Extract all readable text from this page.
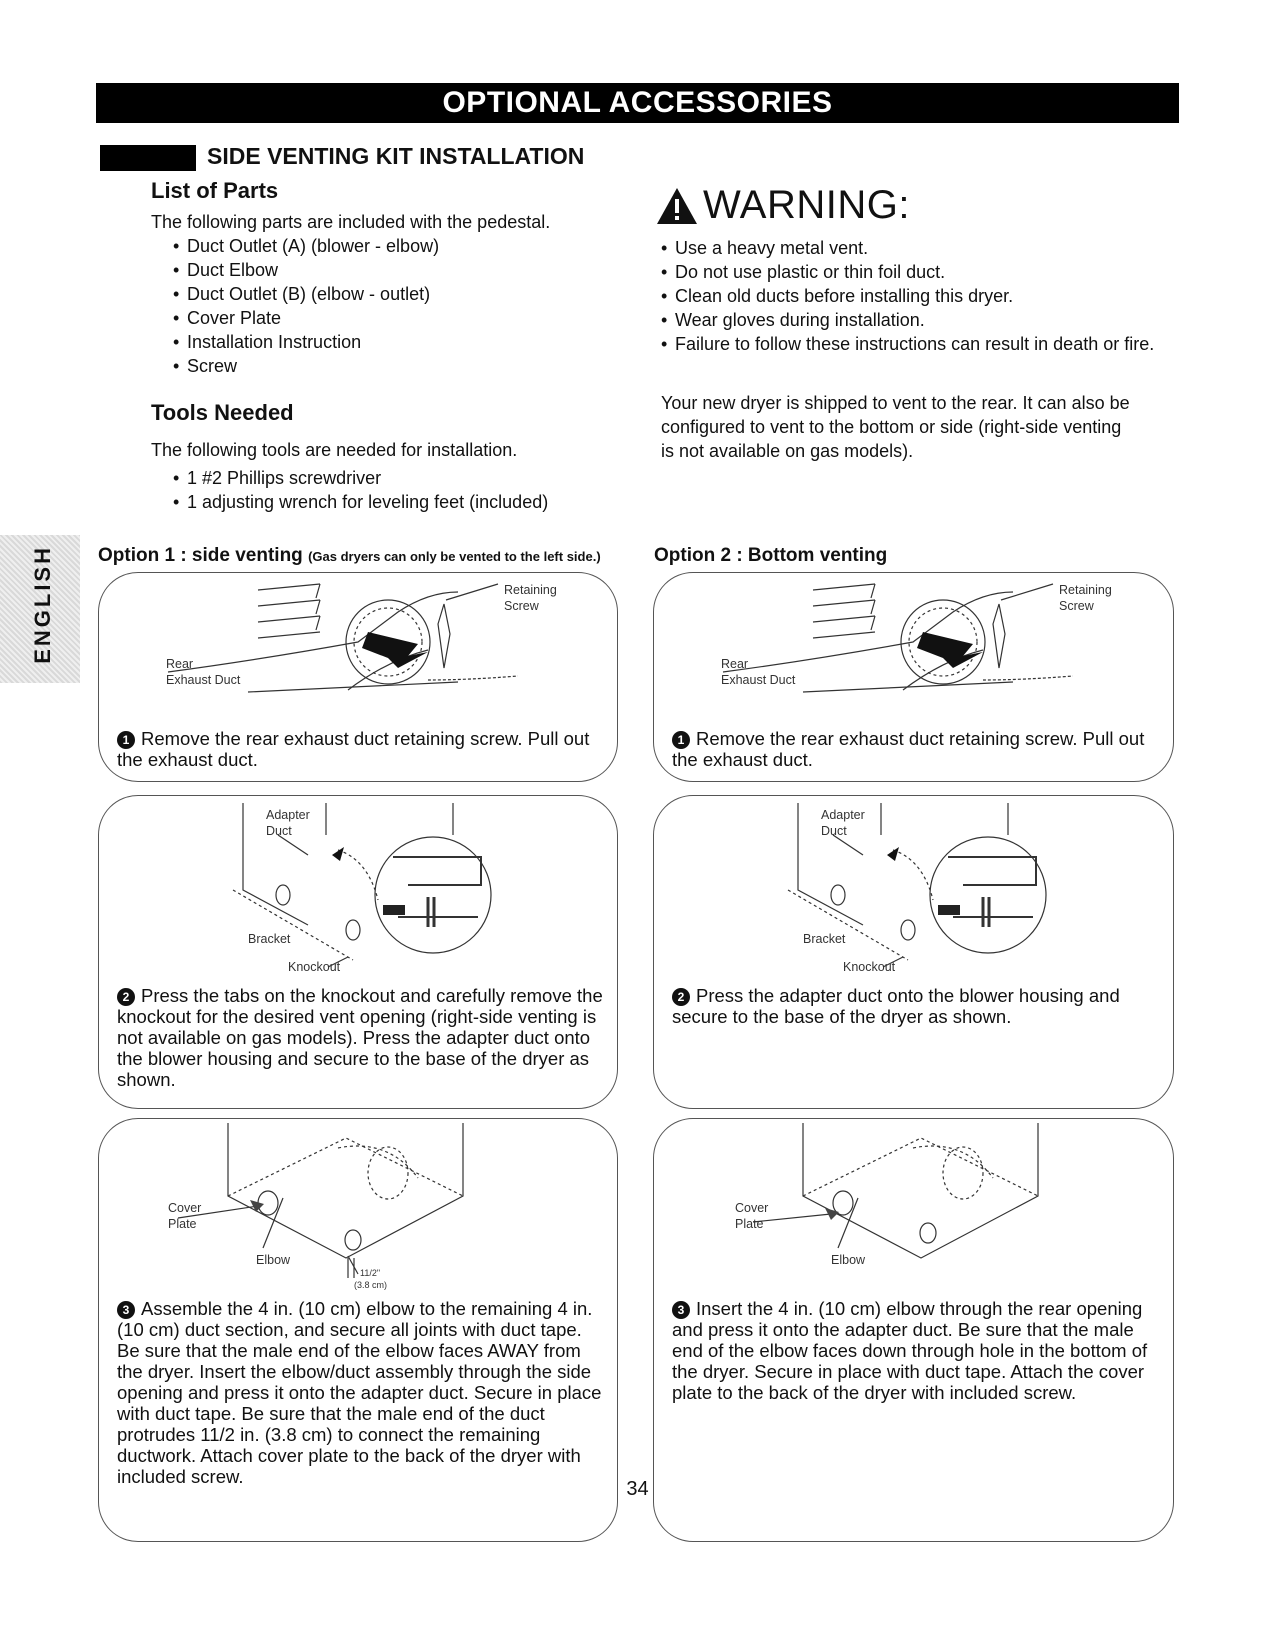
OPTIONAL ACCESSORIES
SIDE VENTING KIT INSTALLATION
List of Parts
The following parts are included with the pedestal.
• Duct Outlet (A) (blower - elbow)
• Duct Elbow
• Duct Outlet (B) (elbow - outlet)
• Cover Plate
• Installation Instruction
• Screw
Tools Needed
The following tools are needed for installation.
• 1 #2 Phillips screwdriver
• 1 adjusting wrench for leveling feet (included)
WARNING:
• Use a heavy metal vent.
• Do not use plastic or thin foil duct.
• Clean old ducts before installing this dryer.
• Wear gloves during installation.
• Failure to follow these instructions can result in death or fire.
Your new dryer is shipped to vent to the rear. It can also be configured to vent to the bottom or side (right-side venting is not available on gas models).
ENGLISH Option 1 : side venting (Gas dryers can only be vented to the left side.)	Option 2 : Bottom venting
Retaining
Screw
Rear
Exhaust Duct
1 Remove the rear exhaust duct retaining screw. Pull out the exhaust duct.
Adapter
Duct
Bracket
Knockout
2 Press the tabs on the knockout and carefully remove the knockout for the desired vent opening (right-side venting is not available on gas models). Press the adapter duct onto the blower housing and secure to the base of the dryer as shown.
Cover
Plate
Elbow
11/2"
(3.8 cm)
3 Assemble the 4 in. (10 cm) elbow to the remaining 4 in.(10 cm) duct section, and secure all joints with duct tape. Be sure that the male end of the elbow faces AWAY from the dryer. Insert the elbow/duct assembly through the side opening and press it onto the adapter duct. Secure in place with duct tape. Be sure that the male end of the duct protrudes 11/2 in. (3.8 cm) to connect the remaining ductwork. Attach cover plate to the back of the dryer with included screw.
Retaining
Screw
Rear
Exhaust Duct
1 Remove the rear exhaust duct retaining screw. Pull out the exhaust duct.
Adapter
Duct
Bracket
Knockout
2 Press the adapter duct onto the blower housing and secure to the base of the dryer as shown.
Cover
Plate
Elbow
3 Insert the 4 in. (10 cm) elbow through the rear opening and press it onto the adapter duct. Be sure that the male end of the elbow faces down through hole in the bottom of the dryer. Secure in place with duct tape. Attach the cover plate to the back of the dryer with included screw.
34
